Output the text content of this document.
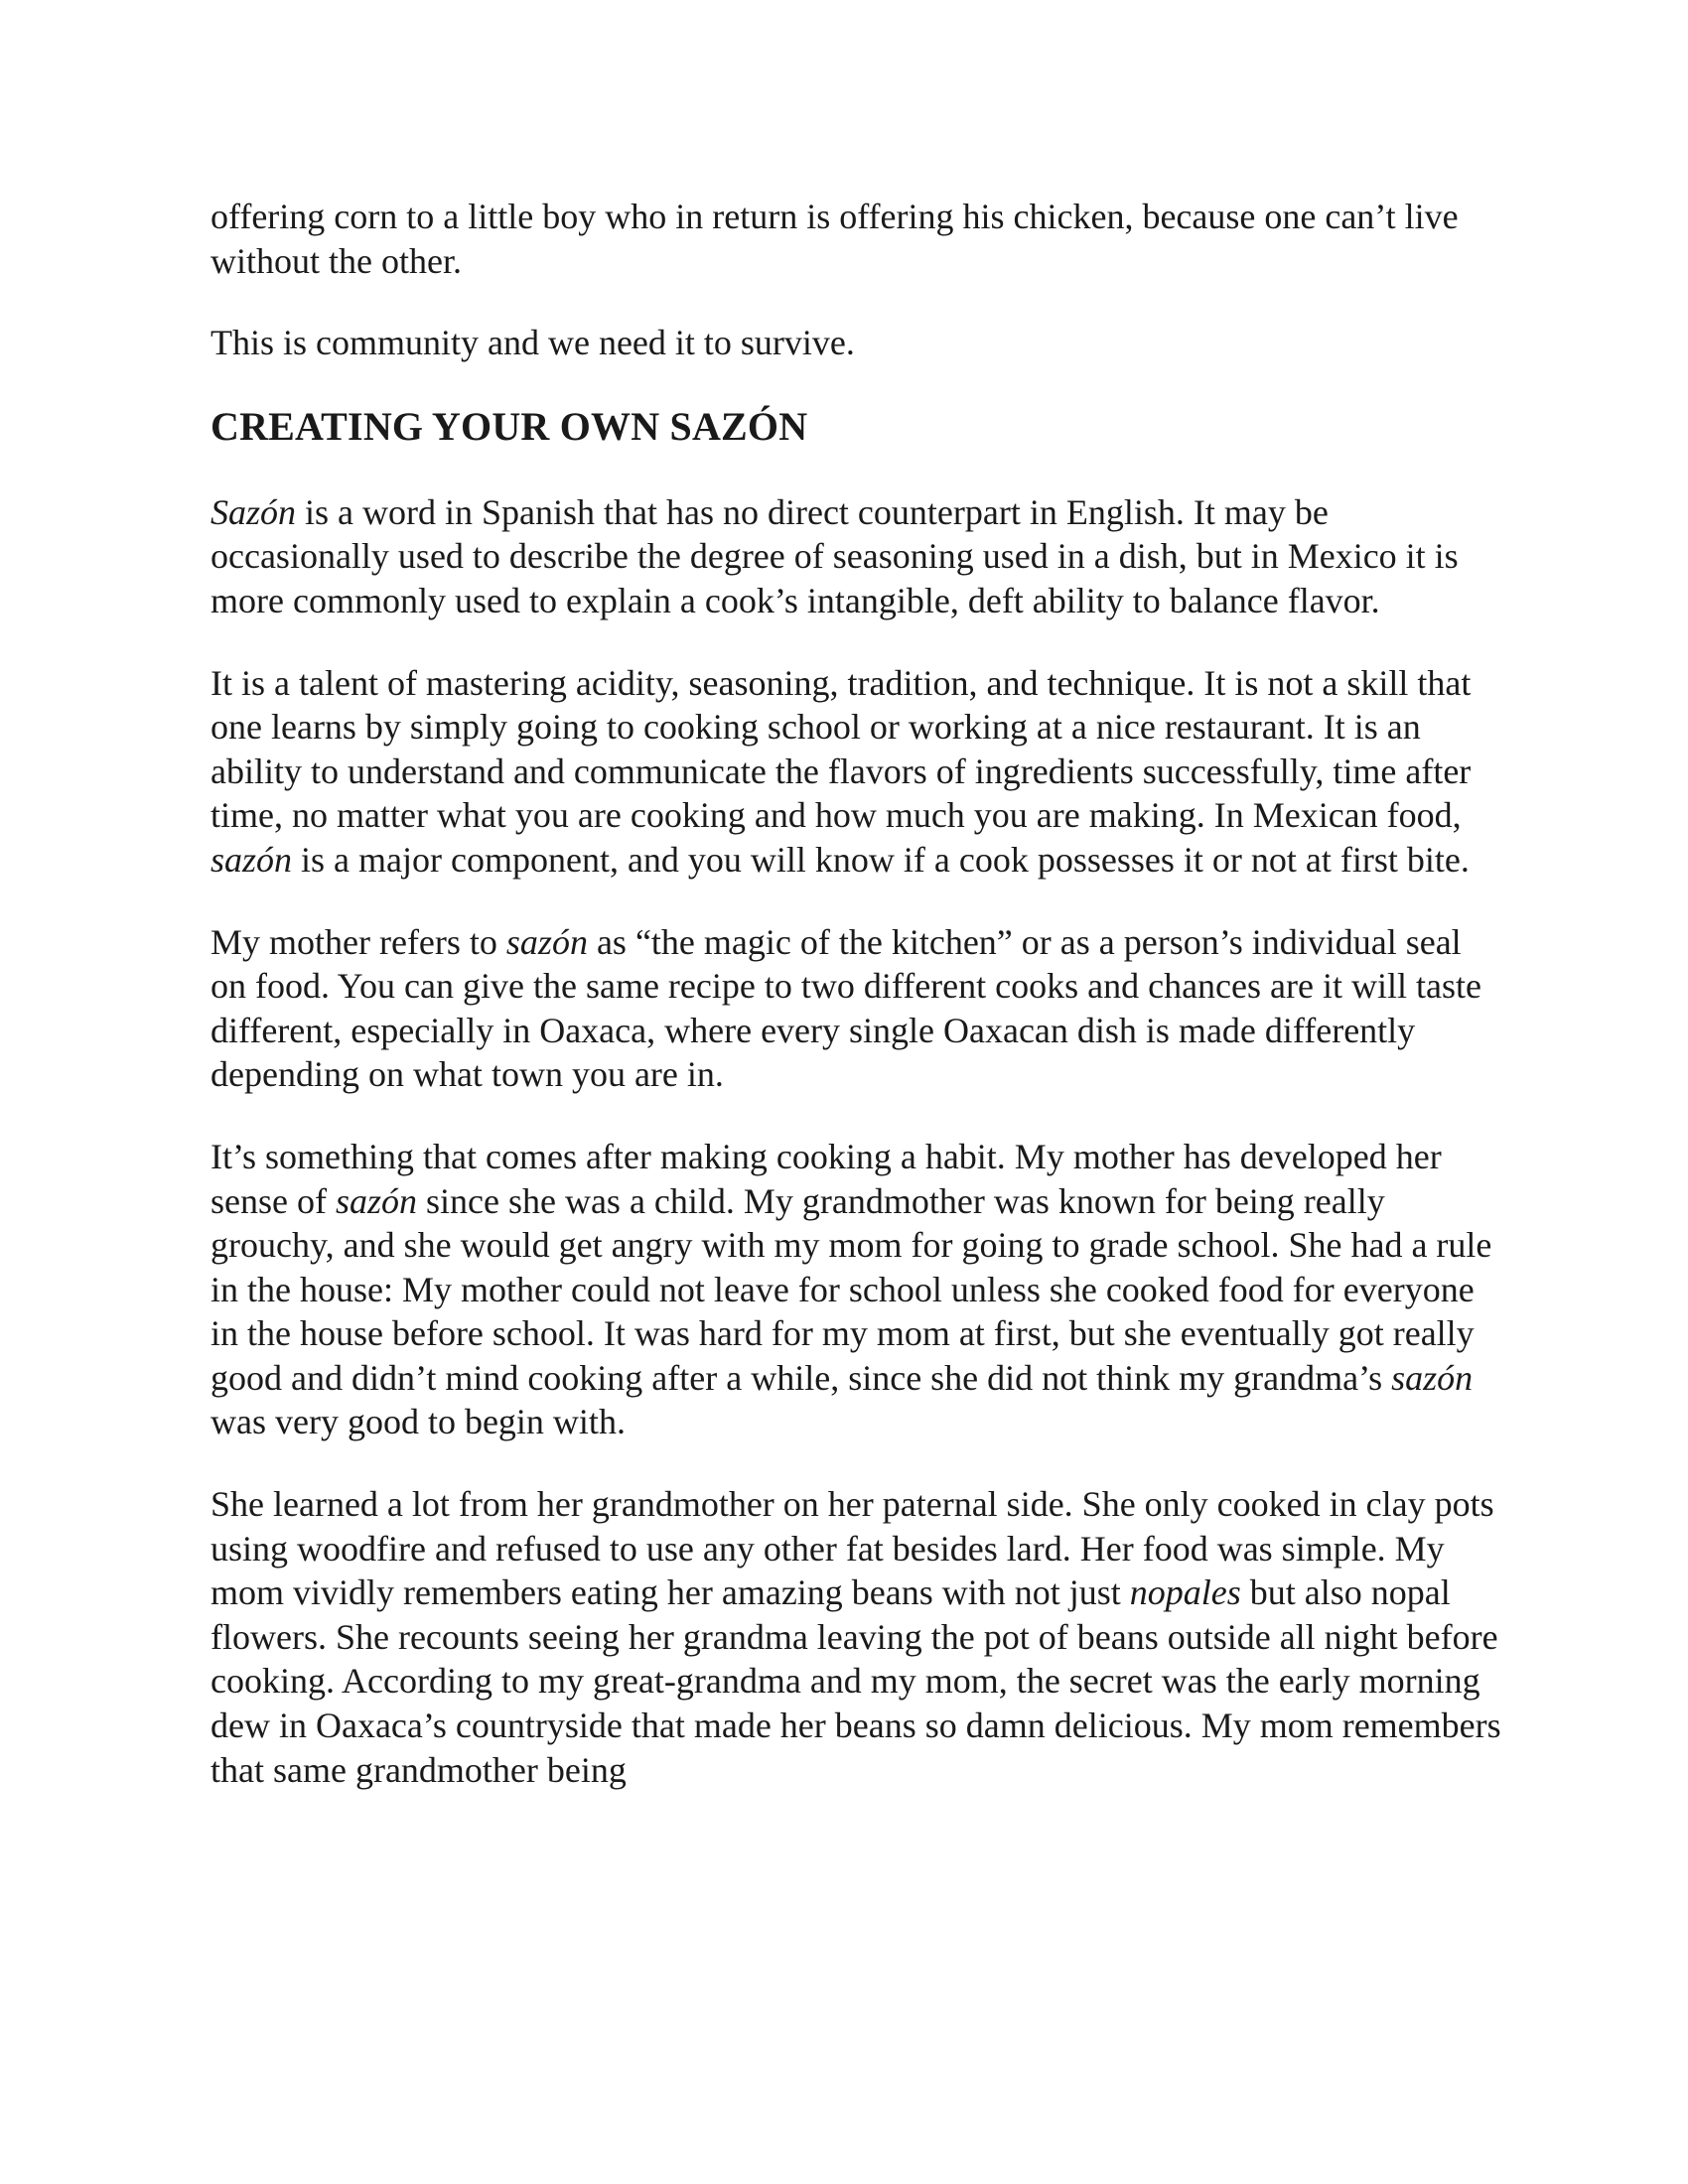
offering corn to a little boy who in return is offering his chicken, because one can’t live without the other.

This is community and we need it to survive.

CREATING YOUR OWN SAZÓN

Sazón is a word in Spanish that has no direct counterpart in English. It may be occasionally used to describe the degree of seasoning used in a dish, but in Mexico it is more commonly used to explain a cook’s intangible, deft ability to balance flavor.

It is a talent of mastering acidity, seasoning, tradition, and technique. It is not a skill that one learns by simply going to cooking school or working at a nice restaurant. It is an ability to understand and communicate the flavors of ingredients successfully, time after time, no matter what you are cooking and how much you are making. In Mexican food, sazón is a major component, and you will know if a cook possesses it or not at first bite.

My mother refers to sazón as “the magic of the kitchen” or as a person’s individual seal on food. You can give the same recipe to two different cooks and chances are it will taste different, especially in Oaxaca, where every single Oaxacan dish is made differently depending on what town you are in.

It’s something that comes after making cooking a habit. My mother has developed her sense of sazón since she was a child. My grandmother was known for being really grouchy, and she would get angry with my mom for going to grade school. She had a rule in the house: My mother could not leave for school unless she cooked food for everyone in the house before school. It was hard for my mom at first, but she eventually got really good and didn’t mind cooking after a while, since she did not think my grandma’s sazón was very good to begin with.

She learned a lot from her grandmother on her paternal side. She only cooked in clay pots using woodfire and refused to use any other fat besides lard. Her food was simple. My mom vividly remembers eating her amazing beans with not just nopales but also nopal flowers. She recounts seeing her grandma leaving the pot of beans outside all night before cooking. According to my great-grandma and my mom, the secret was the early morning dew in Oaxaca’s countryside that made her beans so damn delicious. My mom remembers that same grandmother being
